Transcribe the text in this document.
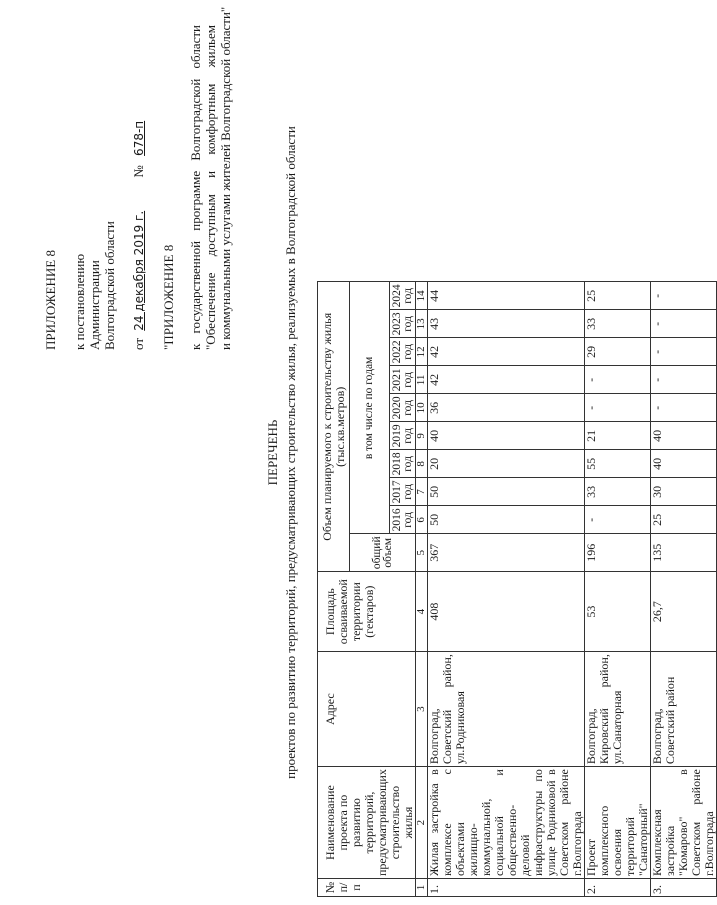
ПРИЛОЖЕНИЕ 8 к постановлению Администрации Волгоградской области от 24 декабря 2019 г. № 678-п
"ПРИЛОЖЕНИЕ 8 к государственной программе Волгоградской области "Обеспечение доступным и комфортным жильем и коммунальными услугами жителей Волгоградской области"
ПЕРЕЧЕНЬ проектов по развитию территорий, предусматривающих строительство жилья, реализуемых в Волгоградской области
№ п/п	Наименование проекта по развитию территорий, предусматривающих строительство жилья	Адрес	Площадь осваиваемой территории (гектаров)	Объем планируемого к строительству жилья (тыс.кв.метров)									
				общий объем	в том числе по годам								
					2016 год	2017 год	2018 год	2019 год	2020 год	2021 год	2022 год	2023 год	2024 год
1	2	3	4	5	6	7	8	9	10	11	12	13	14
1.	Жилая застройка в комплексе с объектами жилищно-коммунальной, социальной и общественно-деловой инфраструктуры по улице Родниковой в Советском районе г.Волгограда	Волгоград, Советский район, ул.Родниковая	408	367	50	50	20	40	36	42	42	43	44
2.	Проект комплексного освоения территорий "Санаторный"	Волгоград, Кировский район, ул.Санаторная	53	196	-	33	55	21	-	-	29	33	25
3.	Комплексная застройка "Комарово" в Советском районе г.Волгограда	Волгоград, Советский район	26,7	135	25	30	40	40	-	-	-	-	-
